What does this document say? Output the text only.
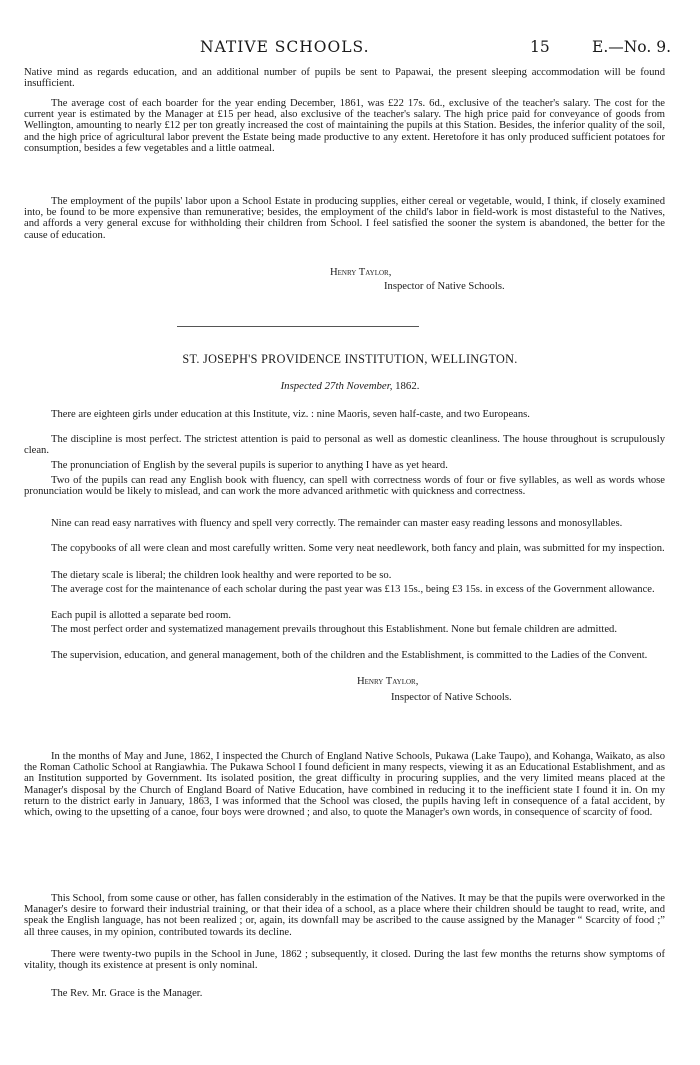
NATIVE SCHOOLS.	15	E.—No. 9.

Native mind as regards education, and an additional number of pupils be sent to Papawai, the present sleeping accommodation will be found insufficient.

The average cost of each boarder for the year ending December, 1861, was £22 17s. 6d., exclusive of the teacher's salary. The cost for the current year is estimated by the Manager at £15 per head, also exclusive of the teacher's salary. The high price paid for conveyance of goods from Wellington, amounting to nearly £12 per ton greatly increased the cost of maintaining the pupils at this Station. Besides, the inferior quality of the soil, and the high price of agricultural labor prevent the Estate being made productive to any extent. Heretofore it has only produced sufficient potatoes for consumption, besides a few vegetables and a little oatmeal.

The employment of the pupils' labor upon a School Estate in producing supplies, either cereal or vegetable, would, I think, if closely examined into, be found to be more expensive than remunerative; besides, the employment of the child's labor in field-work is most distasteful to the Natives, and affords a very general excuse for withholding their children from School. I feel satisfied the sooner the system is abandoned, the better for the cause of education.

Henry Taylor,

Inspector of Native Schools.

ST. JOSEPH'S PROVIDENCE INSTITUTION, WELLINGTON.
Inspected 27th November, 1862.

There are eighteen girls under education at this Institute, viz. : nine Maoris, seven half-caste, and two Europeans.

The discipline is most perfect. The strictest attention is paid to personal as well as domestic cleanliness. The house throughout is scrupulously clean.

The pronunciation of English by the several pupils is superior to anything I have as yet heard.

Two of the pupils can read any English book with fluency, can spell with correctness words of four or five syllables, as well as words whose pronunciation would be likely to mislead, and can work the more advanced arithmetic with quickness and correctness.

Nine can read easy narratives with fluency and spell very correctly. The remainder can master easy reading lessons and monosyllables.

The copybooks of all were clean and most carefully written. Some very neat needlework, both fancy and plain, was submitted for my inspection.

The dietary scale is liberal; the children look healthy and were reported to be so.

The average cost for the maintenance of each scholar during the past year was £13 15s., being £3 15s. in excess of the Government allowance.

Each pupil is allotted a separate bed room.

The most perfect order and systematized management prevails throughout this Establishment. None but female children are admitted.

The supervision, education, and general management, both of the children and the Establishment, is committed to the Ladies of the Convent.

Henry Taylor,

Inspector of Native Schools.

In the months of May and June, 1862, I inspected the Church of England Native Schools, Pukawa (Lake Taupo), and Kohanga, Waikato, as also the Roman Catholic School at Rangiawhia. The Pukawa School I found deficient in many respects, viewing it as an Educational Establishment, and as an Institution supported by Government. Its isolated position, the great difficulty in procuring supplies, and the very limited means placed at the Manager's disposal by the Church of England Board of Native Education, have combined in reducing it to the inefficient state I found it in. On my return to the district early in January, 1863, I was informed that the School was closed, the pupils having left in consequence of a fatal accident, by which, owing to the upsetting of a canoe, four boys were drowned ; and also, to quote the Manager's own words, in consequence of scarcity of food.

This School, from some cause or other, has fallen considerably in the estimation of the Natives. It may be that the pupils were overworked in the Manager's desire to forward their industrial training, or that their idea of a school, as a place where their children should be taught to read, write, and speak the English language, has not been realized ; or, again, its downfall may be ascribed to the cause assigned by the Manager “ Scarcity of food ;” all three causes, in my opinion, contributed towards its decline.

There were twenty-two pupils in the School in June, 1862 ; subsequently, it closed. During the last few months the returns show symptoms of vitality, though its existence at present is only nominal.

The Rev. Mr. Grace is the Manager.
